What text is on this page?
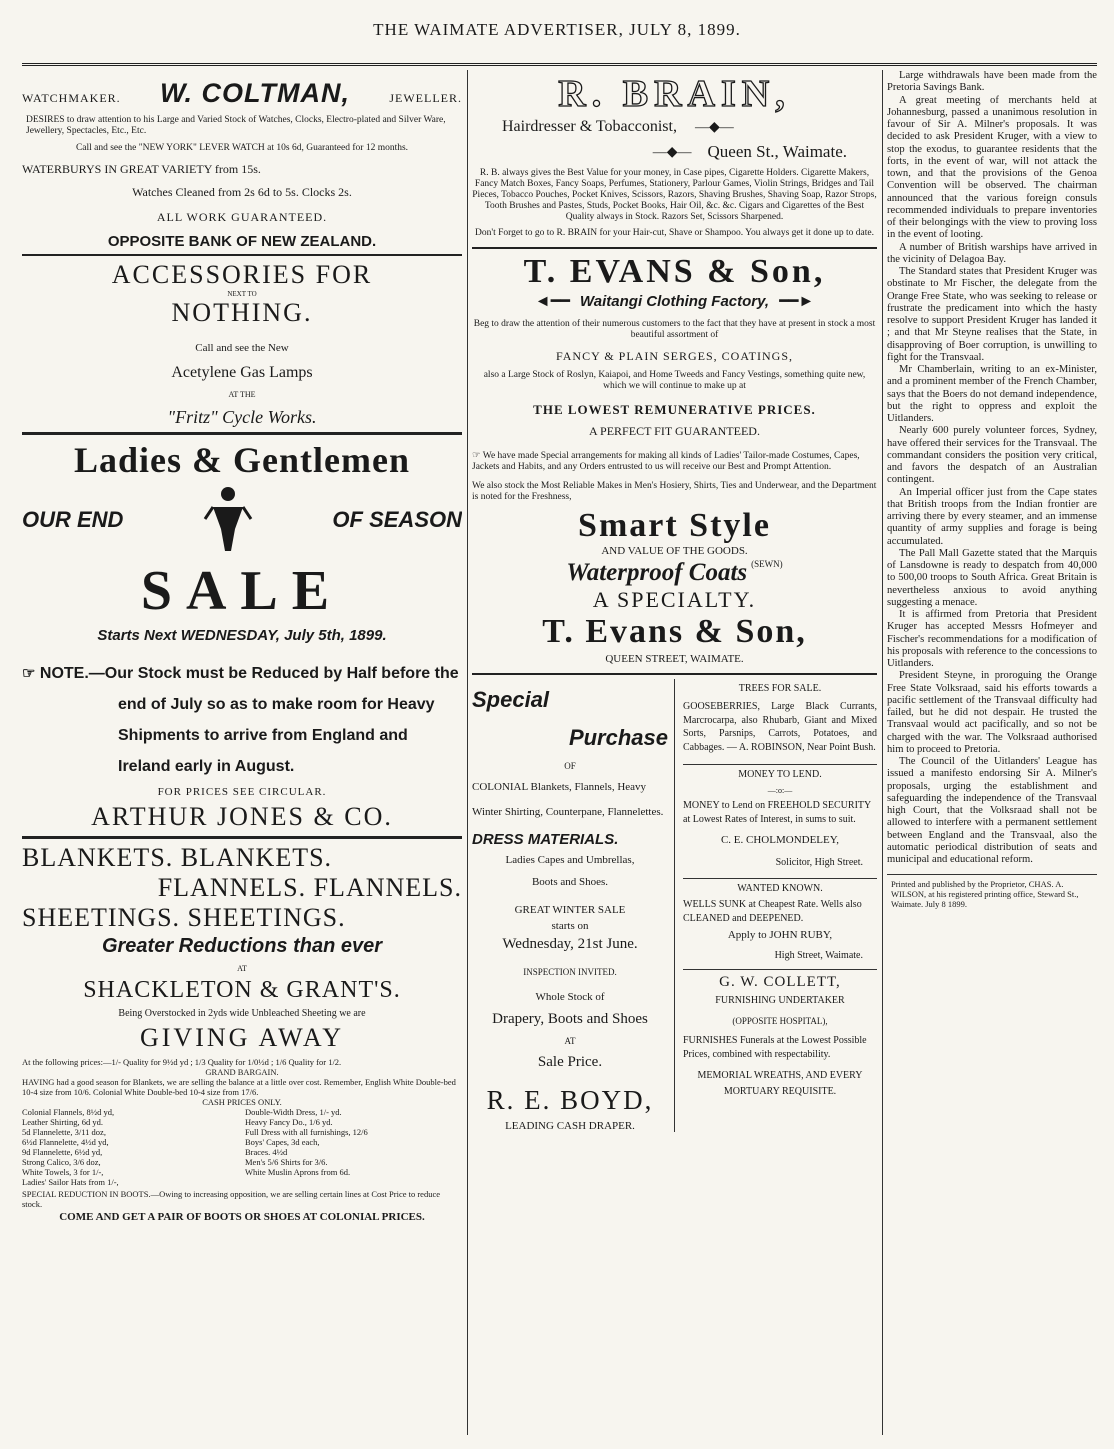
THE WAIMATE ADVERTISER, JULY 8, 1899.
WATCHMAKER. W. COLTMAN,	JEWELLER.
DESIRES to draw attention to his Large and Varied Stock of Watches, Clocks, Electro-plated and Silver Ware, Jewellery, Spectacles, Etc., Etc.
Call and see the "NEW YORK" LEVER WATCH at 10s 6d, Guaranteed for 12 months.
WATERBURYS IN GREAT VARIETY from 15s.
Watches Cleaned from 2s 6d to 5s. Clocks 2s.
ALL WORK GUARANTEED.
OPPOSITE BANK OF NEW ZEALAND.
ACCESSORIES FOR
NEXT TO
NOTHING.
Call and see the New
Acetylene Gas Lamps
AT THE
"Fritz" Cycle Works.
Ladies & Gentlemen
OUR END	OF SEASON
SALE
Starts Next WEDNESDAY, July 5th, 1899.
☞ NOTE.—Our Stock must be Reduced by Half before the end of July so as to make room for Heavy Shipments to arrive from England and Ireland early in August.
FOR PRICES SEE CIRCULAR.
ARTHUR JONES & CO.
BLANKETS. BLANKETS.
FLANNELS. FLANNELS.
SHEETINGS. SHEETINGS.
Greater Reductions than ever
AT
SHACKLETON & GRANT'S.
Being Overstocked in 2yds wide Unbleached Sheeting we are
GIVING AWAY
At the following prices:—1/- Quality for 9½d yd ; 1/3 Quality for 1/0½d ; 1/6 Quality for 1/2.
GRAND BARGAIN.
HAVING had a good season for Blankets, we are selling the balance at a little over cost. Remember, English White Double-bed 10-4 size from 10/6. Colonial White Double-bed 10-4 size from 17/6.
CASH PRICES ONLY.
Colonial Flannels, 8½d yd,
Leather Shirting, 6d yd.
5d Flannelette, 3/11 doz,
6½d Flannelette, 4½d yd,
9d Flannelette, 6½d yd,
Strong Calico, 3/6 doz,
White Towels, 3 for 1/-,
Ladies' Sailor Hats from 1/-,
Double-Width Dress, 1/- yd.
Heavy Fancy Do., 1/6 yd.
Full Dress with all furnishings, 12/6
Boys' Capes, 3d each,
Braces. 4½d
Men's 5/6 Shirts for 3/6.
White Muslin Aprons from 6d.
SPECIAL REDUCTION IN BOOTS.—Owing to increasing opposition, we are selling certain lines at Cost Price to reduce stock.
COME AND GET A PAIR OF BOOTS OR SHOES AT COLONIAL PRICES.
R. BRAIN,
Hairdresser & Tobacconist, —◆—
—◆— Queen St., Waimate.
R. B. always gives the Best Value for your money, in Case pipes, Cigarette Holders. Cigarette Makers, Fancy Match Boxes, Fancy Soaps, Perfumes, Stationery, Parlour Games, Violin Strings, Bridges and Tail Pieces, Tobacco Pouches, Pocket Knives, Scissors, Razors, Shaving Brushes, Shaving Soap, Razor Strops, Tooth Brushes and Pastes, Studs, Pocket Books, Hair Oil, &c. &c. Cigars and Cigarettes of the Best Quality always in Stock. Razors Set, Scissors Sharpened.
Don't Forget to go to R. BRAIN for your Hair-cut, Shave or Shampoo. You always get it done up to date.
T. EVANS & Son,
◄━━ Waitangi Clothing Factory, ━━►
Beg to draw the attention of their numerous customers to the fact that they have at present in stock a most beautiful assortment of
FANCY & PLAIN SERGES, COATINGS,
also a Large Stock of Roslyn, Kaiapoi, and Home Tweeds and Fancy Vestings, something quite new, which we will continue to make up at
THE LOWEST REMUNERATIVE PRICES.
A PERFECT FIT GUARANTEED.
☞ We have made Special arrangements for making all kinds of Ladies' Tailor-made Costumes, Capes, Jackets and Habits, and any Orders entrusted to us will receive our Best and Prompt Attention.
We also stock the Most Reliable Makes in Men's Hosiery, Shirts, Ties and Underwear, and the Department is noted for the Freshness,
Smart Style
AND VALUE OF THE GOODS.
Waterproof Coats $^{(SEWN)}$
A SPECIALTY.
T. Evans & Son,
QUEEN STREET, WAIMATE.
Special
Purchase
OF
COLONIAL Blankets, Flannels, Heavy Winter Shirting, Counterpane, Flannelettes.
DRESS MATERIALS.
Ladies Capes and Umbrellas,
Boots and Shoes.
GREAT WINTER SALE
starts on
Wednesday, 21st June.
INSPECTION INVITED.
Whole Stock of
Drapery, Boots and Shoes
AT
Sale Price.
R. E. BOYD,
LEADING CASH DRAPER.
TREES FOR SALE.
GOOSEBERRIES, Large Black Currants, Marcrocarpa, also Rhubarb, Giant and Mixed Sorts, Parsnips, Carrots, Potatoes, and Cabbages. — A. ROBINSON, Near Point Bush.
MONEY TO LEND.
—:o:—
MONEY to Lend on FREEHOLD SECURITY at Lowest Rates of Interest, in sums to suit.
C. E. CHOLMONDELEY,
Solicitor, High Street.
WANTED KNOWN.
WELLS SUNK at Cheapest Rate. Wells also CLEANED and DEEPENED.
Apply to JOHN RUBY,
High Street, Waimate.
G. W. COLLETT,
FURNISHING UNDERTAKER
(OPPOSITE HOSPITAL),
FURNISHES Funerals at the Lowest Possible Prices, combined with respectability.
MEMORIAL WREATHS, AND EVERY MORTUARY REQUISITE.

Large withdrawals have been made from the Pretoria Savings Bank.

A great meeting of merchants held at Johannesburg, passed a unanimous resolution in favour of Sir A. Milner's proposals. It was decided to ask President Kruger, with a view to stop the exodus, to guarantee residents that the forts, in the event of war, will not attack the town, and that the provisions of the Genoa Convention will be observed. The chairman announced that the various foreign consuls recommended individuals to prepare inventories of their belongings with the view to proving loss in the event of looting.

A number of British warships have arrived in the vicinity of Delagoa Bay.

The Standard states that President Kruger was obstinate to Mr Fischer, the delegate from the Orange Free State, who was seeking to release or frustrate the predicament into which the hasty resolve to support President Kruger has landed it ; and that Mr Steyne realises that the State, in disapproving of Boer corruption, is unwilling to fight for the Transvaal.

Mr Chamberlain, writing to an ex-Minister, and a prominent member of the French Chamber, says that the Boers do not demand independence, but the right to oppress and exploit the Uitlanders.

Nearly 600 purely volunteer forces, Sydney, have offered their services for the Transvaal. The commandant considers the position very critical, and favors the despatch of an Australian contingent.

An Imperial officer just from the Cape states that British troops from the Indian frontier are arriving there by every steamer, and an immense quantity of army supplies and forage is being accumulated.

The Pall Mall Gazette stated that the Marquis of Lansdowne is ready to despatch from 40,000 to 500,00 troops to South Africa. Great Britain is nevertheless anxious to avoid anything suggesting a menace.

It is affirmed from Pretoria that President Kruger has accepted Messrs Hofmeyer and Fischer's recommendations for a modification of his proposals with reference to the concessions to Uitlanders.

President Steyne, in proroguing the Orange Free State Volksraad, said his efforts towards a pacific settlement of the Transvaal difficulty had failed, but he did not despair. He trusted the Transvaal would act pacifically, and so not be charged with the war. The Volksraad authorised him to proceed to Pretoria.

The Council of the Uitlanders' League has issued a manifesto endorsing Sir A. Milner's proposals, urging the establishment and safeguarding the independence of the Transvaal high Court, that the Volksraad shall not be allowed to interfere with a permanent settlement between England and the Transvaal, also the automatic periodical distribution of seats and municipal and educational reform.

Printed and published by the Proprietor, CHAS. A. WILSON, at his registered printing office, Steward St., Waimate. July 8 1899.
